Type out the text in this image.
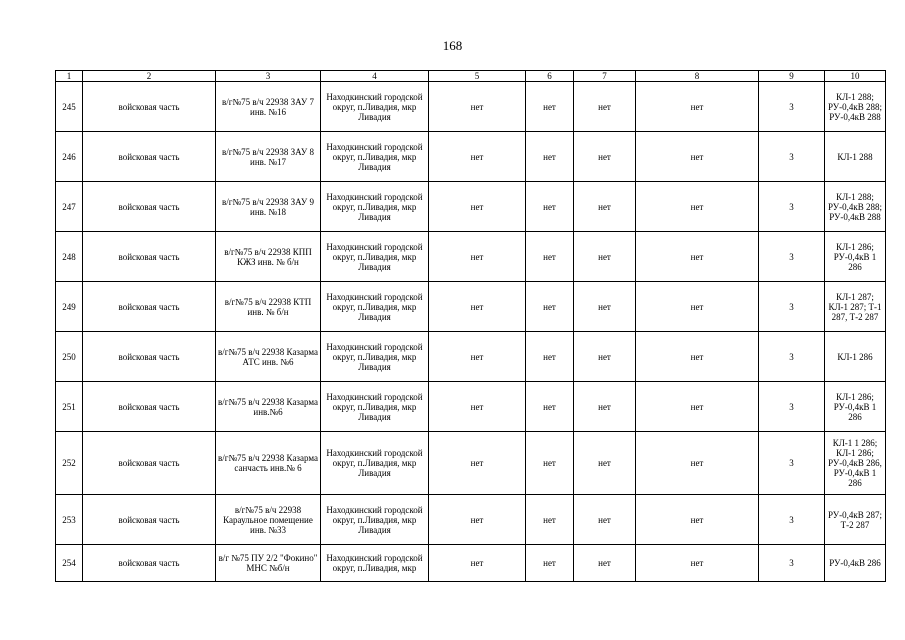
168
1	2	3	4	5	6	7	8	9	10

245	войсковая часть	в/г№75 в/ч 22938 ЗАУ 7 инв. №16	Находкинский городской округ, п.Ливадия, мкр Ливадия	нет	нет	нет	нет	3	КЛ-1 288; РУ-0,4кВ 288; РУ-0,4кВ 288

246	войсковая часть	в/г№75 в/ч 22938 ЗАУ 8 инв. №17	Находкинский городской округ, п.Ливадия, мкр Ливадия	нет	нет	нет	нет	3	КЛ-1 288

247	войсковая часть	в/г№75 в/ч 22938 ЗАУ 9 инв. №18	Находкинский городской округ, п.Ливадия, мкр Ливадия	нет	нет	нет	нет	3	КЛ-1 288; РУ-0,4кВ 288; РУ-0,4кВ 288

248	войсковая часть	в/г№75 в/ч 22938 КПП КЖЗ инв. № б/н	Находкинский городской округ, п.Ливадия, мкр Ливадия	нет	нет	нет	нет	3	КЛ-1 286; РУ-0,4кВ 1 286

249	войсковая часть	в/г№75 в/ч 22938 КТП инв. № б/н	Находкинский городской округ, п.Ливадия, мкр Ливадия	нет	нет	нет	нет	3	КЛ-1 287; КЛ-1 287; Т-1 287, Т-2 287

250	войсковая часть	в/г№75 в/ч 22938 Казарма АТС инв. №6	Находкинский городской округ, п.Ливадия, мкр Ливадия	нет	нет	нет	нет	3	КЛ-1 286

251	войсковая часть	в/г№75 в/ч 22938 Казарма инв.№6	Находкинский городской округ, п.Ливадия, мкр Ливадия	нет	нет	нет	нет	3	КЛ-1 286; РУ-0,4кВ 1 286

252	войсковая часть	в/г№75 в/ч 22938 Казарма санчасть инв.№ 6	Находкинский городской округ, п.Ливадия, мкр Ливадия	нет	нет	нет	нет	3	КЛ-1 1 286; КЛ-1 286; РУ-0,4кВ 286, РУ-0,4кВ 1 286

253	войсковая часть	в/г№75 в/ч 22938 Караульное помещение инв. №33	Находкинский городской округ, п.Ливадия, мкр Ливадия	нет	нет	нет	нет	3	РУ-0,4кВ 287; Т-2 287

254	войсковая часть	в/г №75 ПУ 2/2 "Фокино" МНС №б/н	Находкинский городской округ, п.Ливадия, мкр	нет	нет	нет	нет	3	РУ-0,4кВ 286
